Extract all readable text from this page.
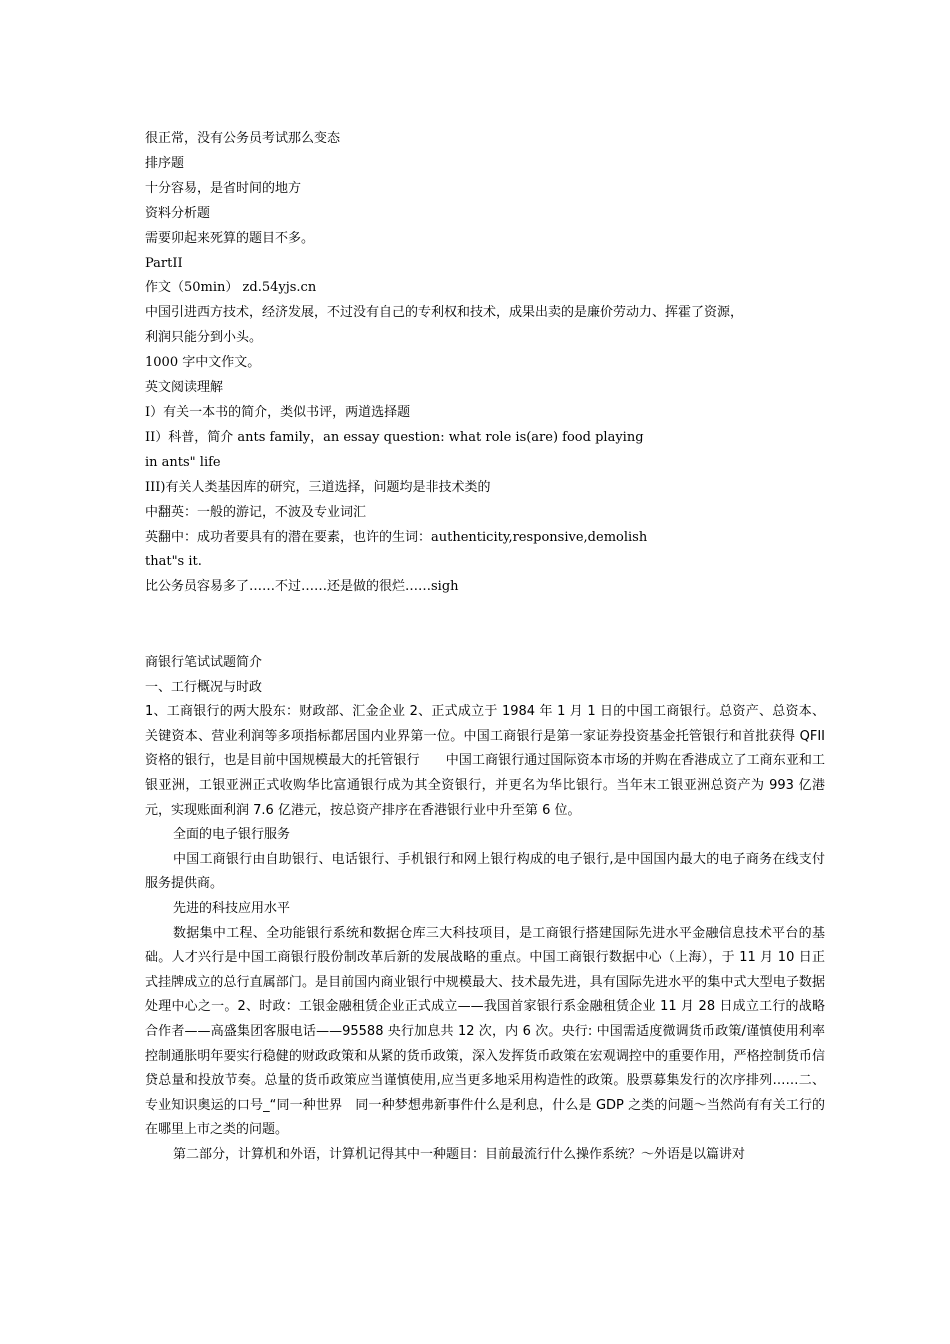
很正常，没有公务员考试那么变态
排序题
十分容易，是省时间的地方
资料分析题
需要卯起来死算的题目不多。
PartII
作文（50min） zd.54yjs.cn
中国引进西方技术，经济发展，不过没有自己的专利权和技术，成果出卖的是廉价劳动力、挥霍了资源，
利润只能分到小头。
1000 字中文作文。
英文阅读理解
I）有关一本书的简介，类似书评，两道选择题
II）科普，简介 ants family，an essay question: what role is(are) food playing
in ants" life
III)有关人类基因库的研究，三道选择，问题均是非技术类的
中翻英：一般的游记，不波及专业词汇
英翻中：成功者要具有的潜在要素，也许的生词：authenticity,responsive,demolish
that"s it.
比公务员容易多了……不过……还是做的很烂……sigh
商银行笔试试题简介
一、工行概况与时政

1、工商银行的两大股东：财政部、汇金企业 2、正式成立于 1984 年 1 月 1 日的中国工商银行。总资产、总资本、关键资本、营业利润等多项指标都居国内业界第一位。中国工商银行是第一家证券投资基金托管银行和首批获得 QFII 资格的银行，也是目前中国规模最大的托管银行　　中国工商银行通过国际资本市场的并购在香港成立了工商东亚和工银亚洲，工银亚洲正式收购华比富通银行成为其全资银行，并更名为华比银行。当年末工银亚洲总资产为 993 亿港元，实现账面利润 7.6 亿港元，按总资产排序在香港银行业中升至第 6 位。

全面的电子银行服务

中国工商银行由自助银行、电话银行、手机银行和网上银行构成的电子银行,是中国国内最大的电子商务在线支付服务提供商。

先进的科技应用水平

数据集中工程、全功能银行系统和数据仓库三大科技项目，是工商银行搭建国际先进水平金融信息技术平台的基础。人才兴行是中国工商银行股份制改革后新的发展战略的重点。中国工商银行数据中心（上海），于 11 月 10 日正式挂牌成立的总行直属部门。是目前国内商业银行中规模最大、技术最先进，具有国际先进水平的集中式大型电子数据处理中心之一。2、时政：工银金融租赁企业正式成立——我国首家银行系金融租赁企业 11 月 28 日成立工行的战略合作者——高盛集团客服电话——95588 央行加息共 12 次，内 6 次。央行: 中国需适度微调货币政策/谨慎使用利率控制通胀明年要实行稳健的财政政策和从紧的货币政策，深入发挥货币政策在宏观调控中的重要作用，严格控制货币信贷总量和投放节奏。总量的货币政策应当谨慎使用,应当更多地采用构造性的政策。股票募集发行的次序排列……二、专业知识奥运的口号_“同一种世界　同一种梦想弗新事件什么是利息，什么是 GDP 之类的问题～当然尚有有关工行的在哪里上市之类的问题。

第二部分，计算机和外语，计算机记得其中一种题目：目前最流行什么操作系统？～外语是以篇讲对
